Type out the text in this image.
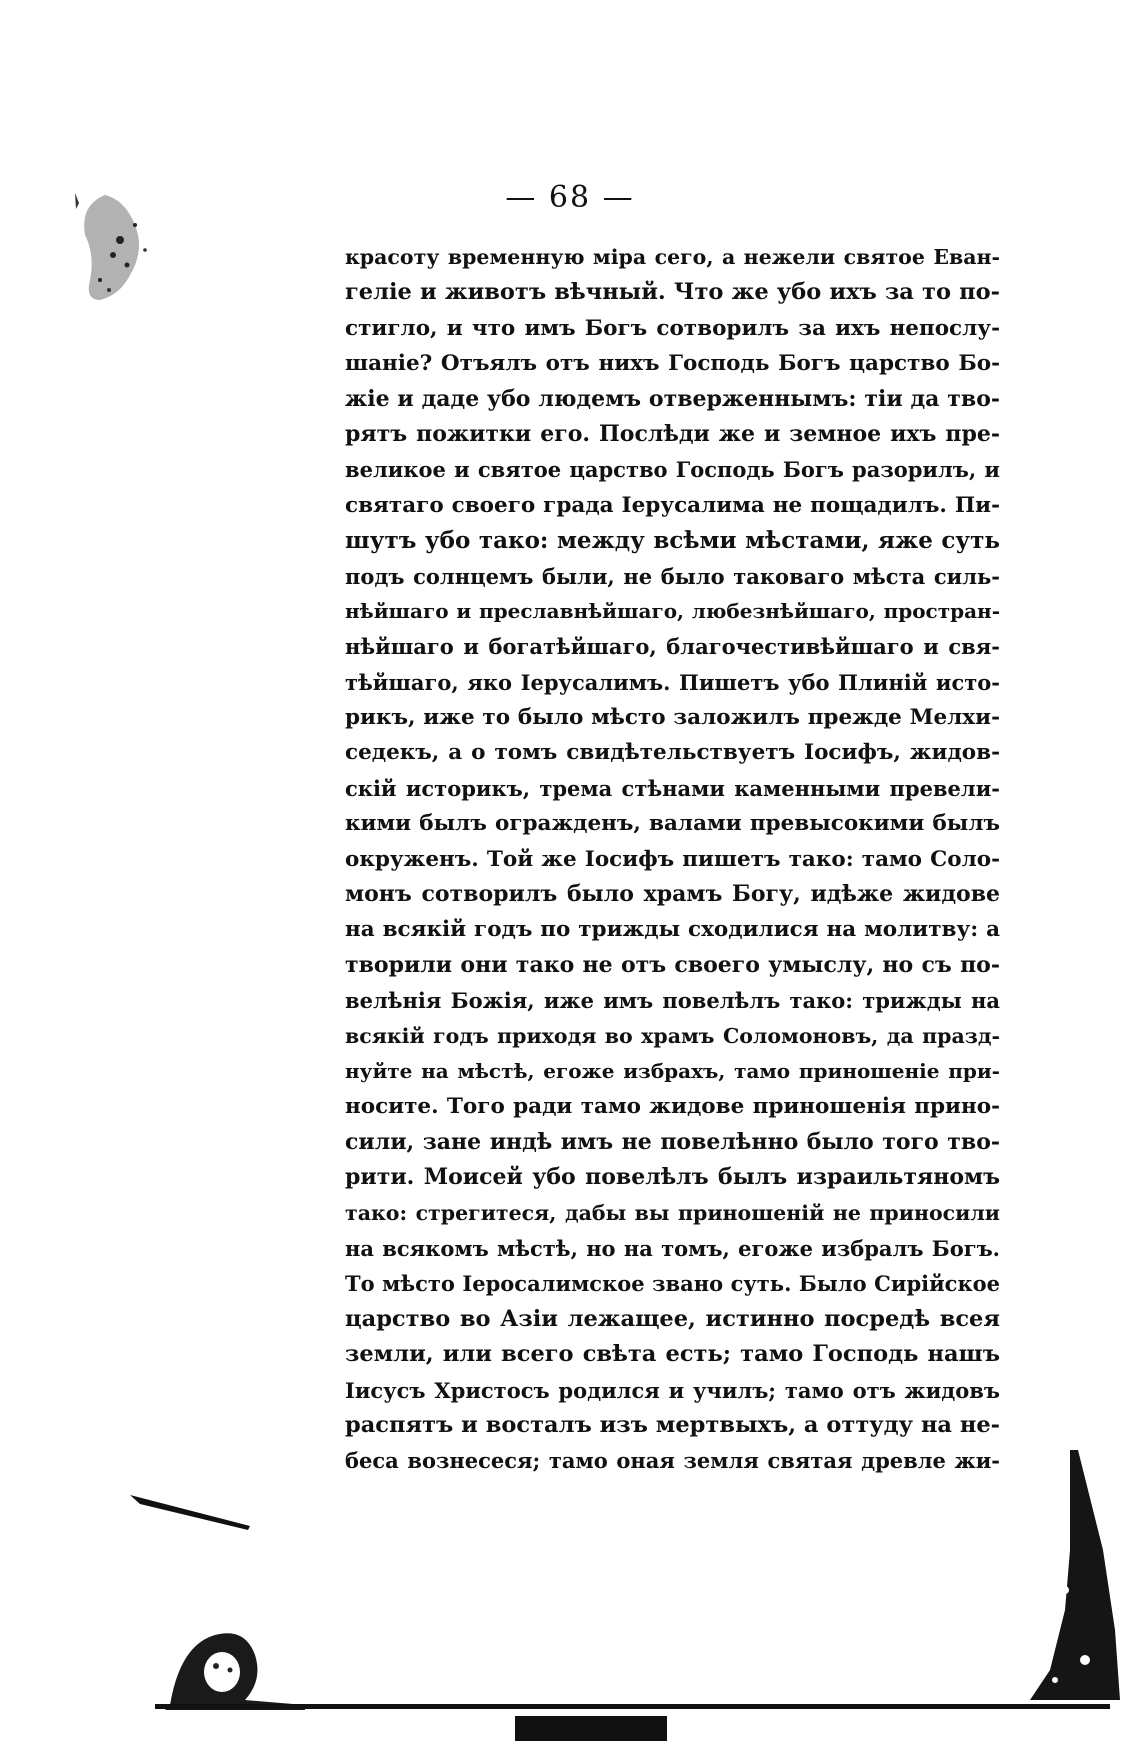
— 68 —
красоту временную міра сего, а нежели святое Еван-
геліе и животъ вѣчный. Что же убо ихъ за то по-
стигло, и что имъ Богъ сотворилъ за ихъ непослу-
шаніе? Отъялъ отъ нихъ Господь Богъ царство Бо-
жіе и даде убо людемъ отверженнымъ: тіи да тво-
рятъ пожитки его. Послѣди же и земное ихъ пре-
великое и святое царство Господь Богъ разорилъ, и
святаго своего града Іерусалима не пощадилъ. Пи-
шутъ убо тако: между всѣми мѣстами, яже суть
подъ солнцемъ были, не было таковаго мѣста силь-
нѣйшаго и преславнѣйшаго, любезнѣйшаго, простран-
нѣйшаго и богатѣйшаго, благочестивѣйшаго и свя-
тѣйшаго, яко Іерусалимъ. Пишетъ убо Плиній исто-
рикъ, иже то было мѣсто заложилъ прежде Мелхи-
седекъ, а о томъ свидѣтельствуетъ Іосифъ, жидов-
скій историкъ, трема стѣнами каменными превели-
кими былъ огражденъ, валами превысокими былъ
окруженъ. Той же Іосифъ пишетъ тако: тамо Соло-
монъ сотворилъ было храмъ Богу, идѣже жидове
на всякій годъ по трижды сходилися на молитву: а
творили они тако не отъ своего умыслу, но съ по-
велѣнія Божія, иже имъ повелѣлъ тако: трижды на
всякій годъ приходя во храмъ Соломоновъ, да празд-
нуйте на мѣстѣ, егоже избрахъ, тамо приношеніе при-
носите. Того ради тамо жидове приношенія прино-
сили, зане индѣ имъ не повелѣнно было того тво-
рити. Моисей убо повелѣлъ былъ израильтяномъ
тако: стрегитеся, дабы вы приношеній не приносили
на всякомъ мѣстѣ, но на томъ, егоже избралъ Богъ.
То мѣсто Іеросалимское звано суть. Было Сирійское
царство во Азіи лежащее, истинно посредѣ всея
земли, или всего свѣта есть; тамо Господь нашъ
Іисусъ Христосъ родился и училъ; тамо отъ жидовъ
распятъ и восталъ изъ мертвыхъ, а оттуду на не-
беса вознесеся; тамо оная земля святая древле жи-
